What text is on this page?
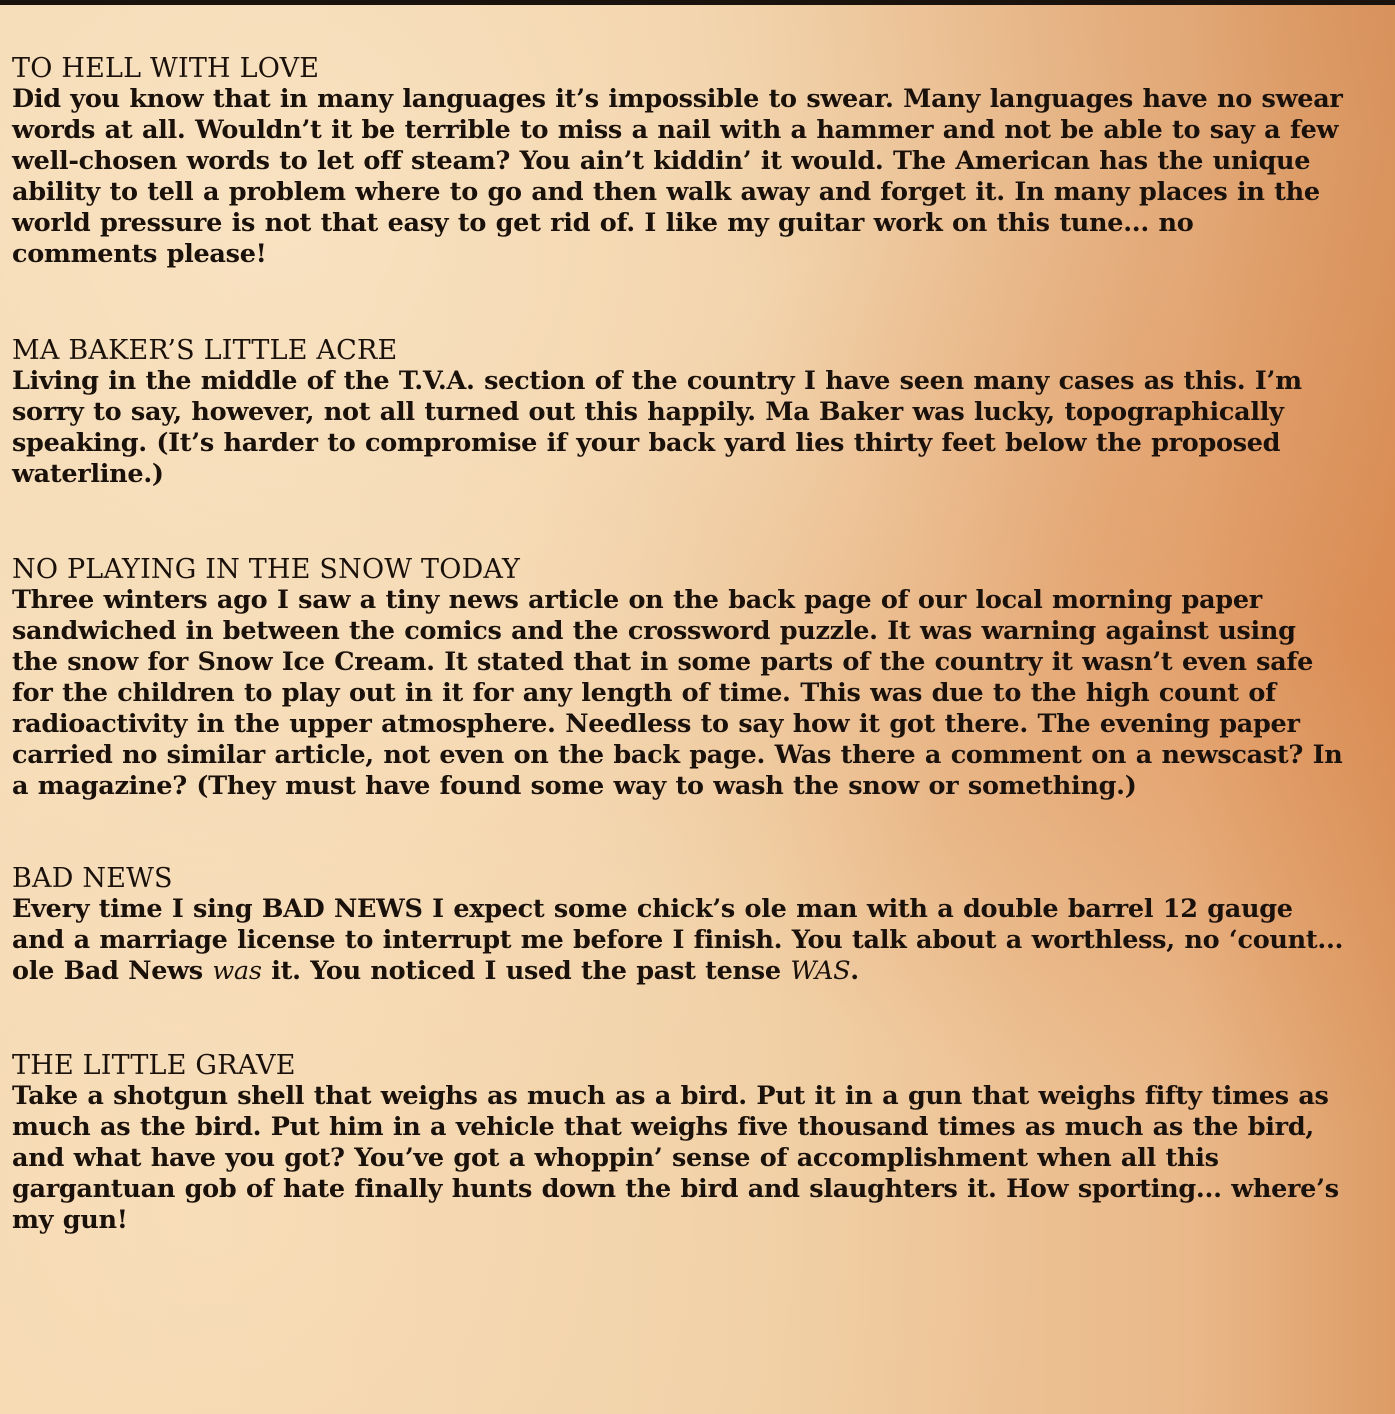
TO HELL WITH LOVE

Did you know that in many languages it’s impossible to swear. Many languages have no swear words at all. Wouldn’t it be terrible to miss a nail with a hammer and not be able to say a few well-chosen words to let off steam? You ain’t kiddin’ it would. The American has the unique ability to tell a problem where to go and then walk away and forget it. In many places in the world pressure is not that easy to get rid of. I like my guitar work on this tune... no comments please!

MA BAKER’S LITTLE ACRE

Living in the middle of the T.V.A. section of the country I have seen many cases as this. I’m sorry to say, however, not all turned out this happily. Ma Baker was lucky, topographically speaking. (It’s harder to compromise if your back yard lies thirty feet below the proposed waterline.)

NO PLAYING IN THE SNOW TODAY

Three winters ago I saw a tiny news article on the back page of our local morning paper sandwiched in between the comics and the crossword puzzle. It was warning against using the snow for Snow Ice Cream. It stated that in some parts of the country it wasn’t even safe for the children to play out in it for any length of time. This was due to the high count of radioactivity in the upper atmosphere. Needless to say how it got there. The evening paper carried no similar article, not even on the back page. Was there a comment on a newscast? In a magazine? (They must have found some way to wash the snow or something.)

BAD NEWS

Every time I sing BAD NEWS I expect some chick’s ole man with a double barrel 12 gauge and a marriage license to interrupt me before I finish. You talk about a worthless, no ‘count... ole Bad News was it. You noticed I used the past tense WAS.

THE LITTLE GRAVE

Take a shotgun shell that weighs as much as a bird. Put it in a gun that weighs fifty times as much as the bird. Put him in a vehicle that weighs five thousand times as much as the bird, and what have you got? You’ve got a whoppin’ sense of accomplishment when all this gargantuan gob of hate finally hunts down the bird and slaughters it. How sporting... where’s my gun!
